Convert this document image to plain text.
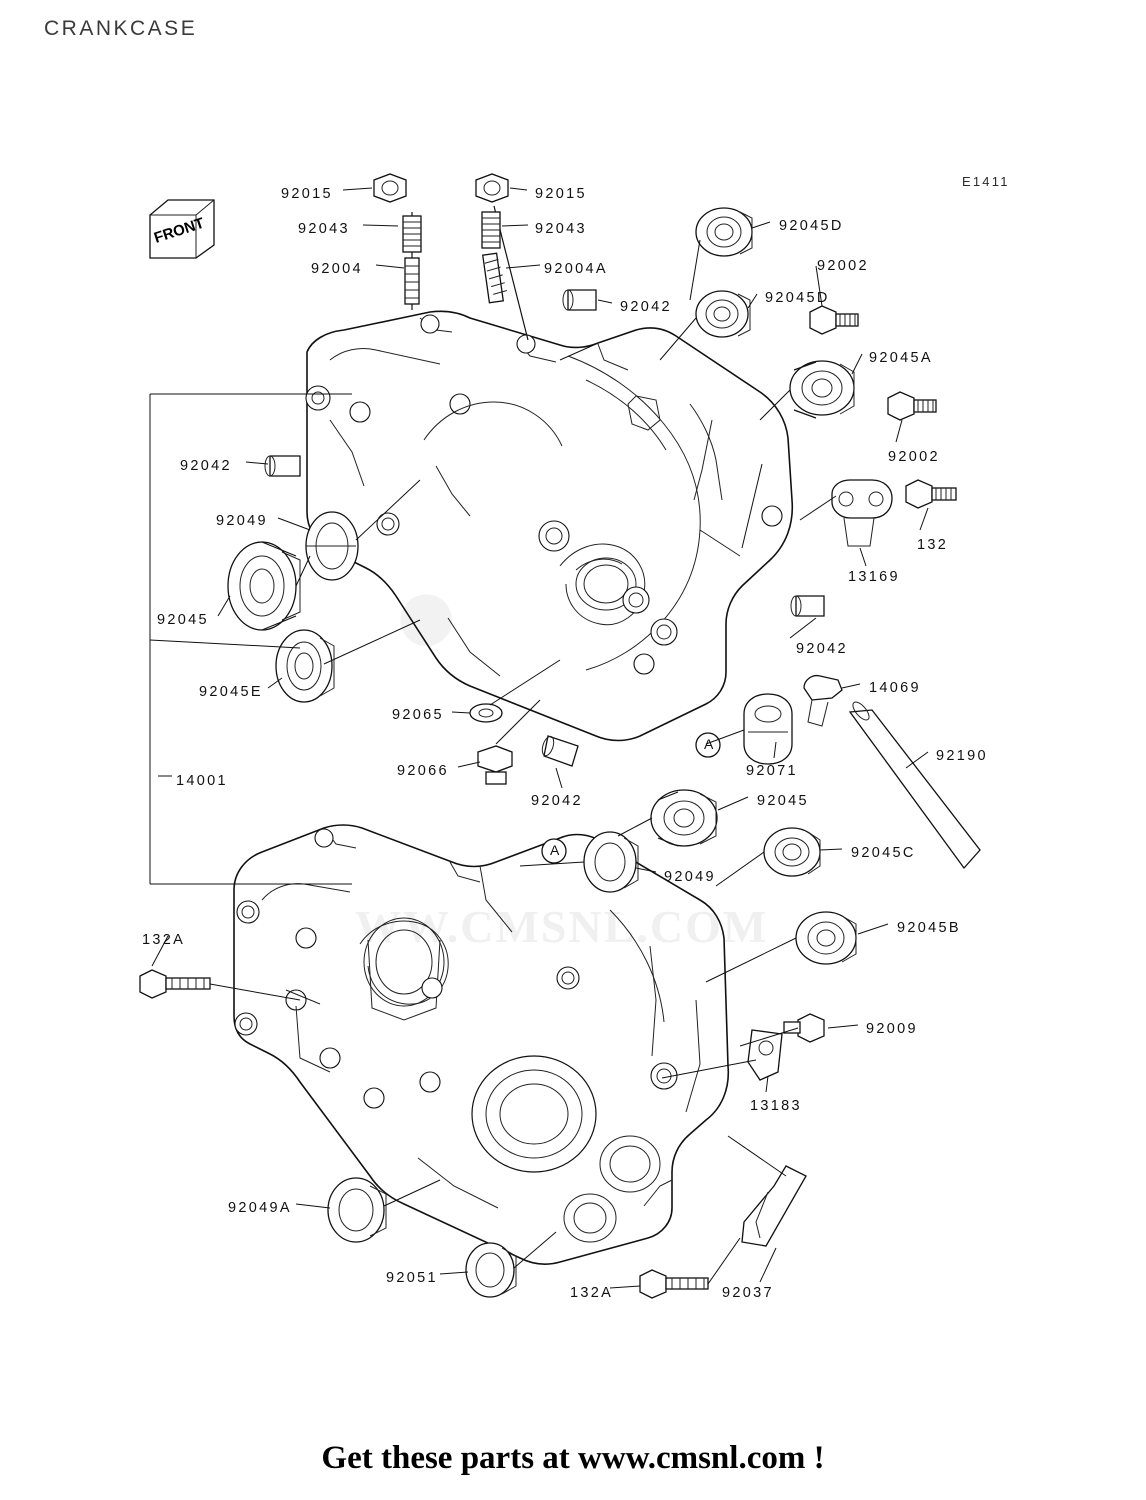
CRANKCASE
E1411
●
WW.CMSNL.COM
FRONT
Get these parts at www.cmsnl.com !
92015	92015
92043	92043
92004	92004A
92045D
92002
92042
92045D
92045A
92002
132
13169
92042
92049
92045
92045E
92065
92066
92042
92042
14069
92190
92071
92045
92045C
92049
14001
92045B
132A
92009
13183
92049A
92051
132A	92037
A
A
